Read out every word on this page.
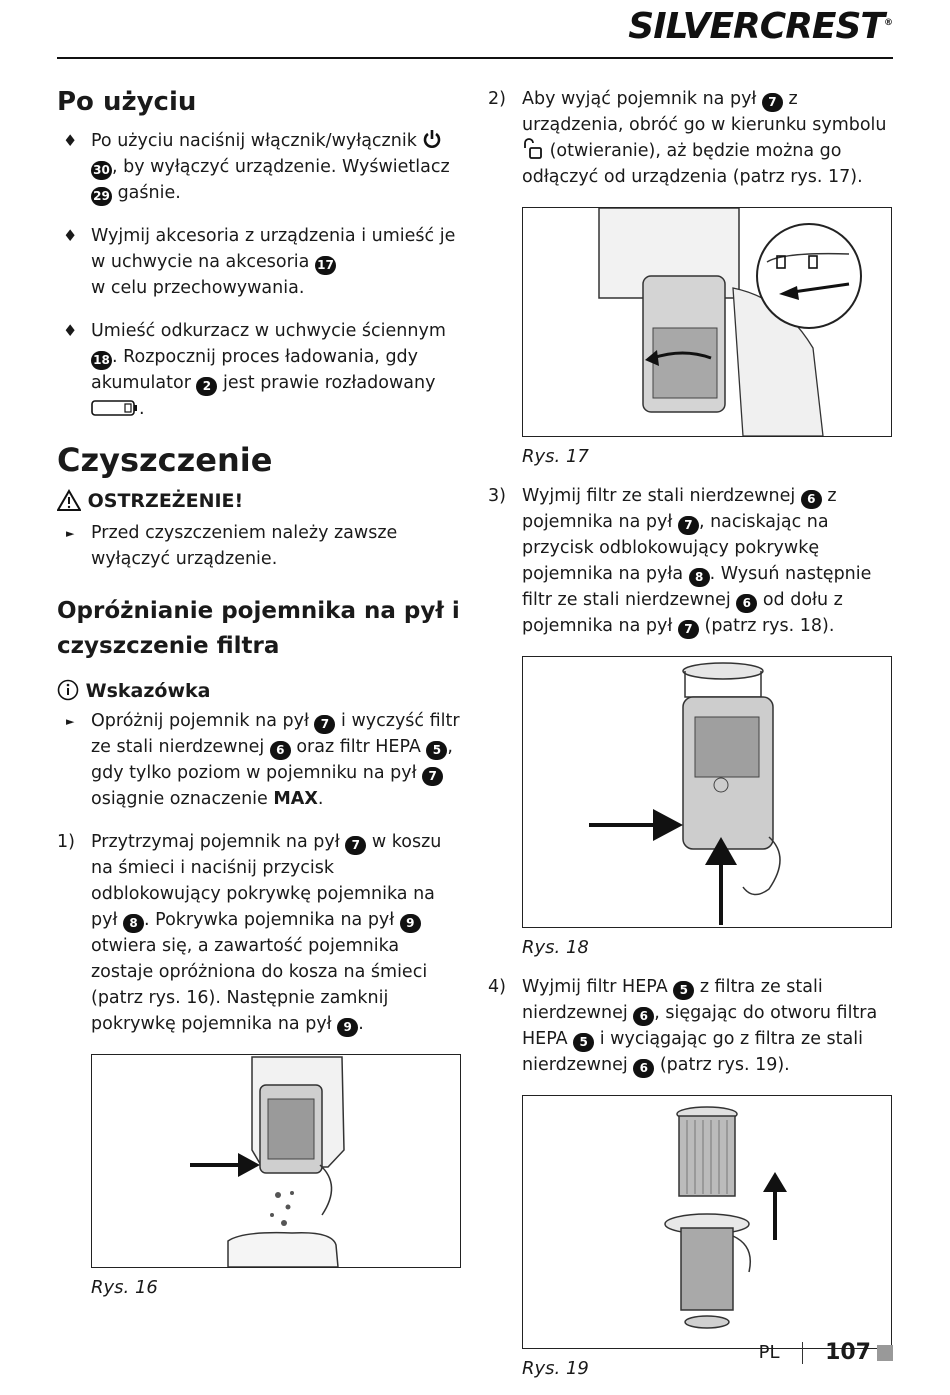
SILVERCREST®
Po użyciu
♦ Po użyciu naciśnij włącznik/wyłącznik  30 , by wyłączyć urządzenie. Wyświetlacz 29 gaśnie.
♦ Wyjmij akcesoria z urządzenia i umieść je w uchwycie na akcesoria 17
w celu przechowywania.
♦ Umieść odkurzacz w uchwycie ściennym 18 . Rozpocznij proces ładowania, gdy akumulator 2 jest prawie rozładowany .
Czyszczenie
OSTRZEŻENIE!
► Przed czyszczeniem należy zawsze wyłączyć urządzenie.
Opróżnianie pojemnika na pył i czyszczenie filtra
Wskazówka
► Opróżnij pojemnik na pył 7 i wyczyść filtr ze stali nierdzewnej 6 oraz filtr HEPA 5 , gdy tylko poziom w pojemniku na pył 7 osiągnie oznaczenie MAX.
1) Przytrzymaj pojemnik na pył 7 w koszu na śmieci i naciśnij przycisk odblokowujący pokrywkę pojemnika na pył 8 . Pokrywka pojemnika na pył 9 otwiera się, a zawartość pojemnika zostaje opróżniona do kosza na śmieci (patrz rys. 16). Następnie zamknij pokrywkę pojemnika na pył 9 .
Rys. 16
2) Aby wyjąć pojemnik na pył 7 z urządzenia, obróć go w kierunku symbolu  (otwieranie), aż będzie można go odłączyć od urządzenia (patrz rys. 17).
Rys. 17
3) Wyjmij filtr ze stali nierdzewnej 6 z pojemnika na pył 7 , naciskając na przycisk odblokowujący pokrywkę pojemnika na pyła 8 . Wysuń następnie filtr ze stali nierdzewnej 6 od dołu z pojemnika na pył 7 (patrz rys. 18).
Rys. 18
4) Wyjmij filtr HEPA 5 z filtra ze stali nierdzewnej 6 , sięgając do otworu filtra HEPA 5 i wyciągając go z filtra ze stali nierdzewnej 6 (patrz rys. 19).
Rys. 19
PL 107
